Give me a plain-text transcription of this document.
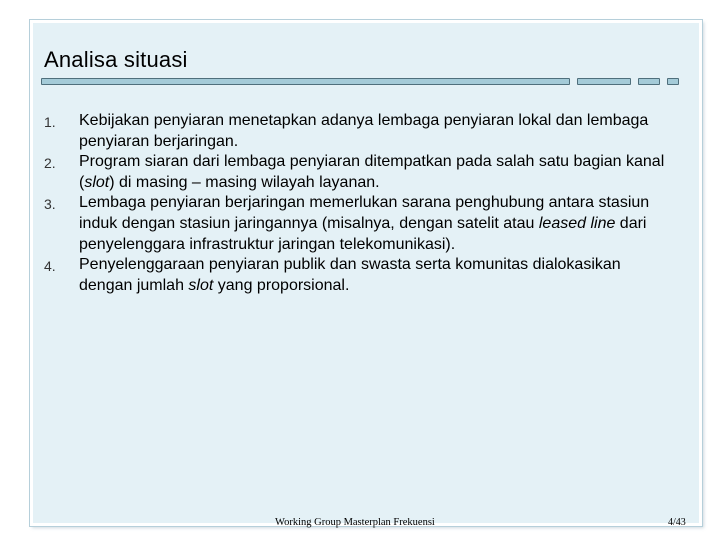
Analisa situasi
1.	Kebijakan penyiaran menetapkan adanya lembaga penyiaran lokal dan lembaga penyiaran berjaringan.
2.	Program siaran dari lembaga penyiaran ditempatkan pada salah satu bagian kanal (slot) di masing – masing wilayah layanan.
3.	Lembaga penyiaran berjaringan memerlukan sarana penghubung antara stasiun induk dengan stasiun jaringannya (misalnya, dengan satelit atau leased line dari penyelenggara infrastruktur jaringan telekomunikasi).
4.	Penyelenggaraan penyiaran publik dan swasta serta komunitas dialokasikan dengan jumlah slot yang proporsional.
Working Group Masterplan Frekuensi	4/43
